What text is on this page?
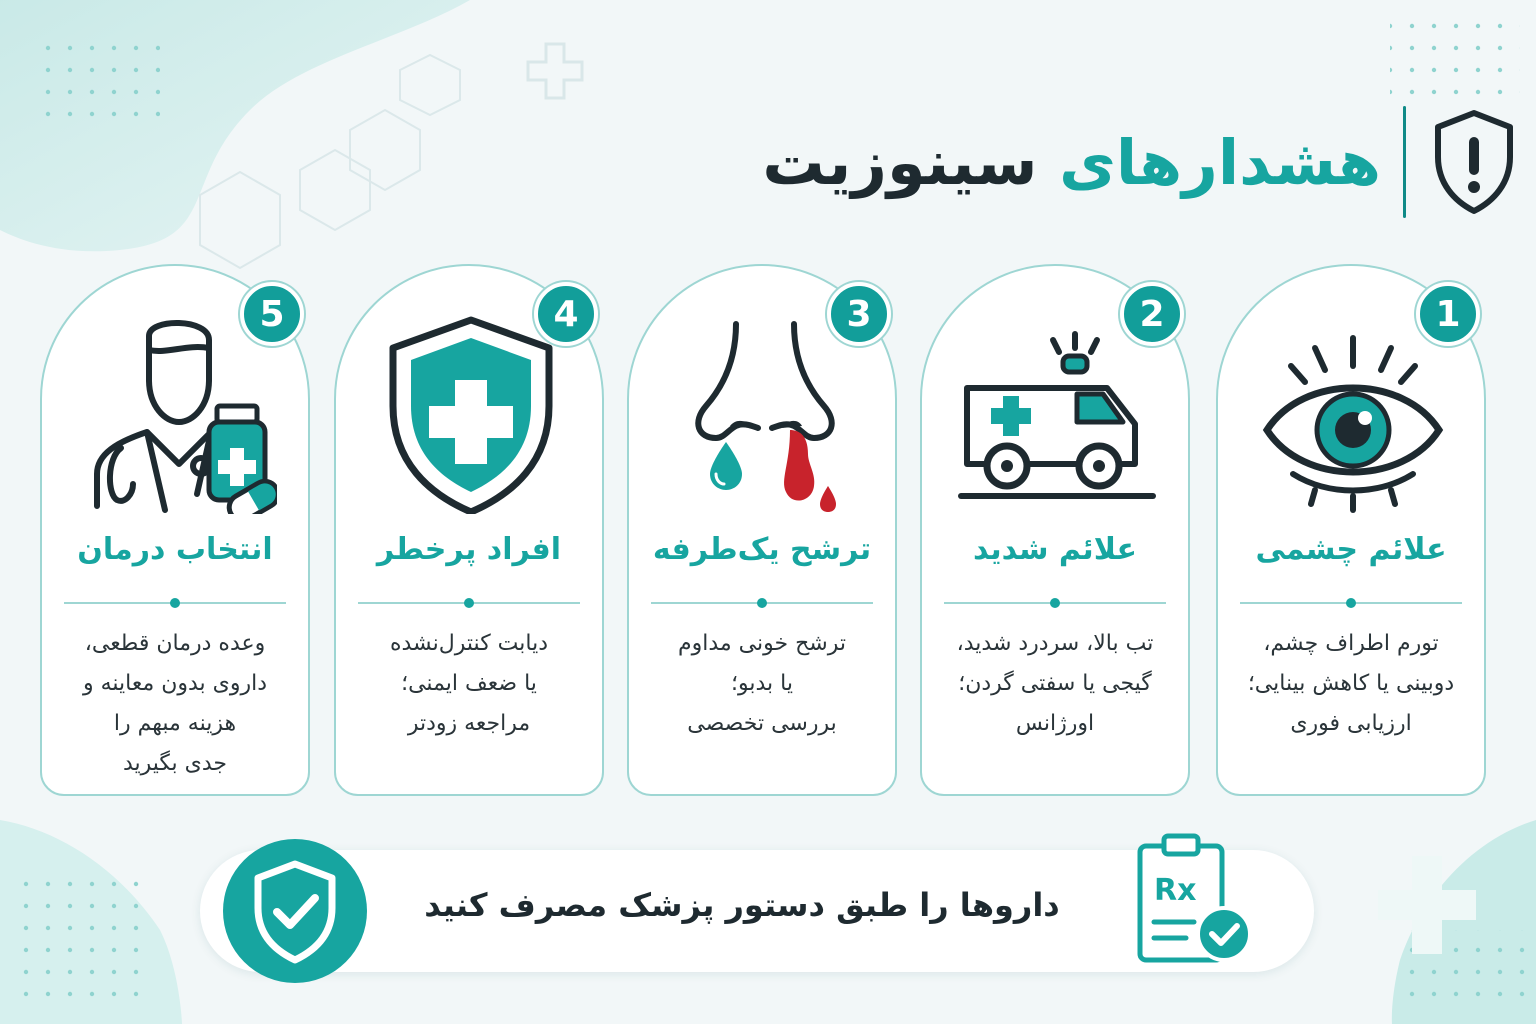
هشدارهای سینوزیت
1
علائم چشمی
تورم اطراف چشم،
دوبینی یا کاهش بینایی؛
ارزیابی فوری
2
علائم شدید
تب بالا، سردرد شدید،
گیجی یا سفتی گردن؛
اورژانس
3
ترشح یک‌طرفه
ترشح خونی مداوم
یا بدبو؛
بررسی تخصصی
4
افراد پرخطر
دیابت کنترل‌نشده
یا ضعف ایمنی؛
مراجعه زودتر
5
انتخاب درمان
وعده درمان قطعی،
داروی بدون معاینه و
هزینه مبهم را
جدی بگیرید
داروها را طبق دستور پزشک مصرف کنید	Rx
